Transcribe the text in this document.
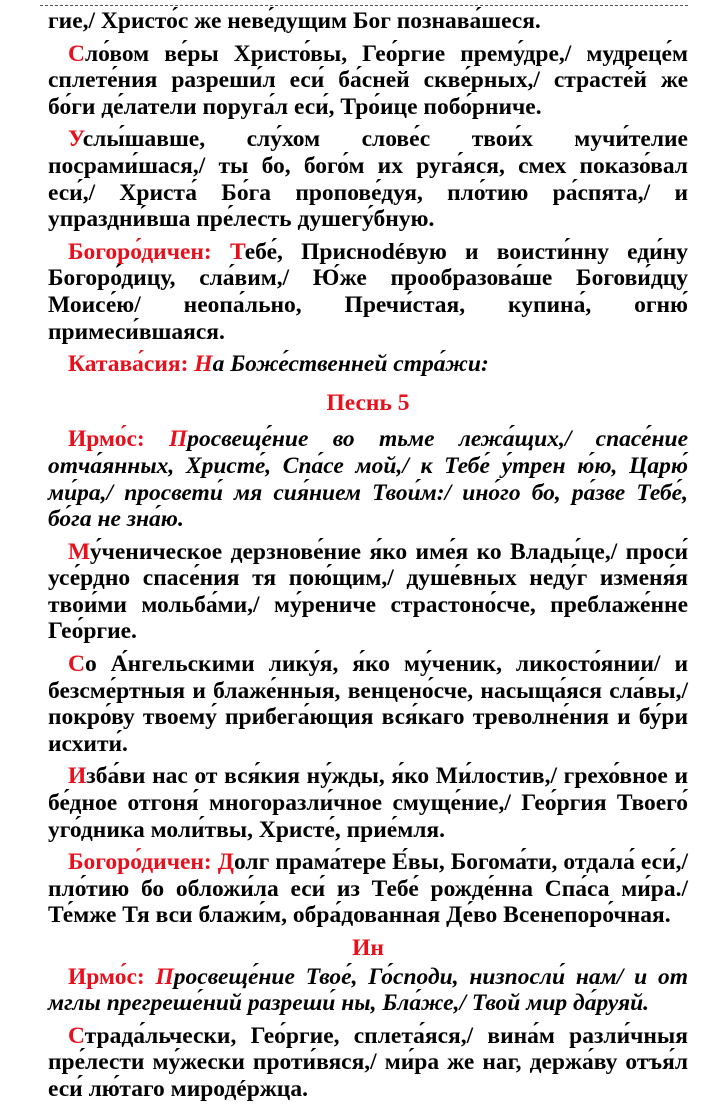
гие,/ Христо́с же неве́дущим Бог познава́шеся.

Сло́вом ве́ры Христо́вы, Гео́ргие прему́дре,/ мудреце́м сплете́ния разреши́л еси́ ба́сней скве́рных,/ страсте́й же бо́ги де́латели поруга́л еси́, Тро́ице побо́рниче.

Услы́шавше, слу́хом слове́с твои́х мучи́телие посрами́шася,/ ты бо, бого́м их руга́яся, смех показо́вал еси́,/ Христа́ Бо́га пропове́дуя, пло́тию ра́спята,/ и упраздни́вша пре́лесть душегу́бную.

Богоро́дичен: Тебе́, Приснodéвую и воисти́нну еди́ну Богоро́дицу, сла́вим,/ Ю́же прообразова́ше Богови́дцу Моисе́ю/ неопа́льно, Пречи́стая, купина́, огню́ примеси́вшаяся.

Катава́сия: На Боже́ственней стра́жи:

Песнь 5

Ирмо́с: Просвеще́ние во тьме лежа́щих,/ спасе́ние отча́янных, Христе́, Спа́се мой,/ к Тебе́ у́трен ю́ю, Царю́ ми́ра,/ просвети́ мя сия́нием Твои́м:/ ино́го бо, ра́зве Тебе́, бо́га не зна́ю.

Му́ченическое дерзнове́ние я́ко име́я ко Влады́це,/ проси́ усе́рдно спасе́ния тя пою́щим,/ душе́вных неду́г изменя́я твои́ми мольба́ми,/ му́рениче страстоно́сче, преблаже́нне Гео́ргие.

Со А́нгельскими лику́я, я́ко му́ченик, ликосто́янии/ и безсме́ртныя и блаже́нныя, венцено́сче, насыща́яся сла́вы,/ покро́ву твоему́ прибега́ющия вся́каго треволне́ния и бу́ри исхити́.

Изба́ви нас от вся́кия ну́жды, я́ко Ми́лостив,/ грехо́вное и бе́дное отгоня́ многоразли́чное смуще́ние,/ Гео́ргия Твоего́ уго́дника моли́твы, Христе́, прие́мля.

Богоро́дичен: Долг прама́тере Е́вы, Богома́ти, отдала́ еси́,/ пло́тию бо обложи́ла еси́ из Тебе́ рожде́нна Спа́са ми́ра./ Те́мже Тя вси блажи́м, обра́дованная Де́во Всенепоро́чная.

Ин

Ирмо́с: Просвеще́ние Твое́, Го́споди, низпосли́ нам/ и от мглы прегреше́ний разреши́ ны, Бла́же,/ Твой мир да́руяй.

Страда́льчески, Гео́ргие, сплета́яся,/ вина́м разли́чныя пре́лести му́жески проти́вяся,/ ми́ра же наг, держа́ву отъя́л еси́ лю́таго миродéржца.
